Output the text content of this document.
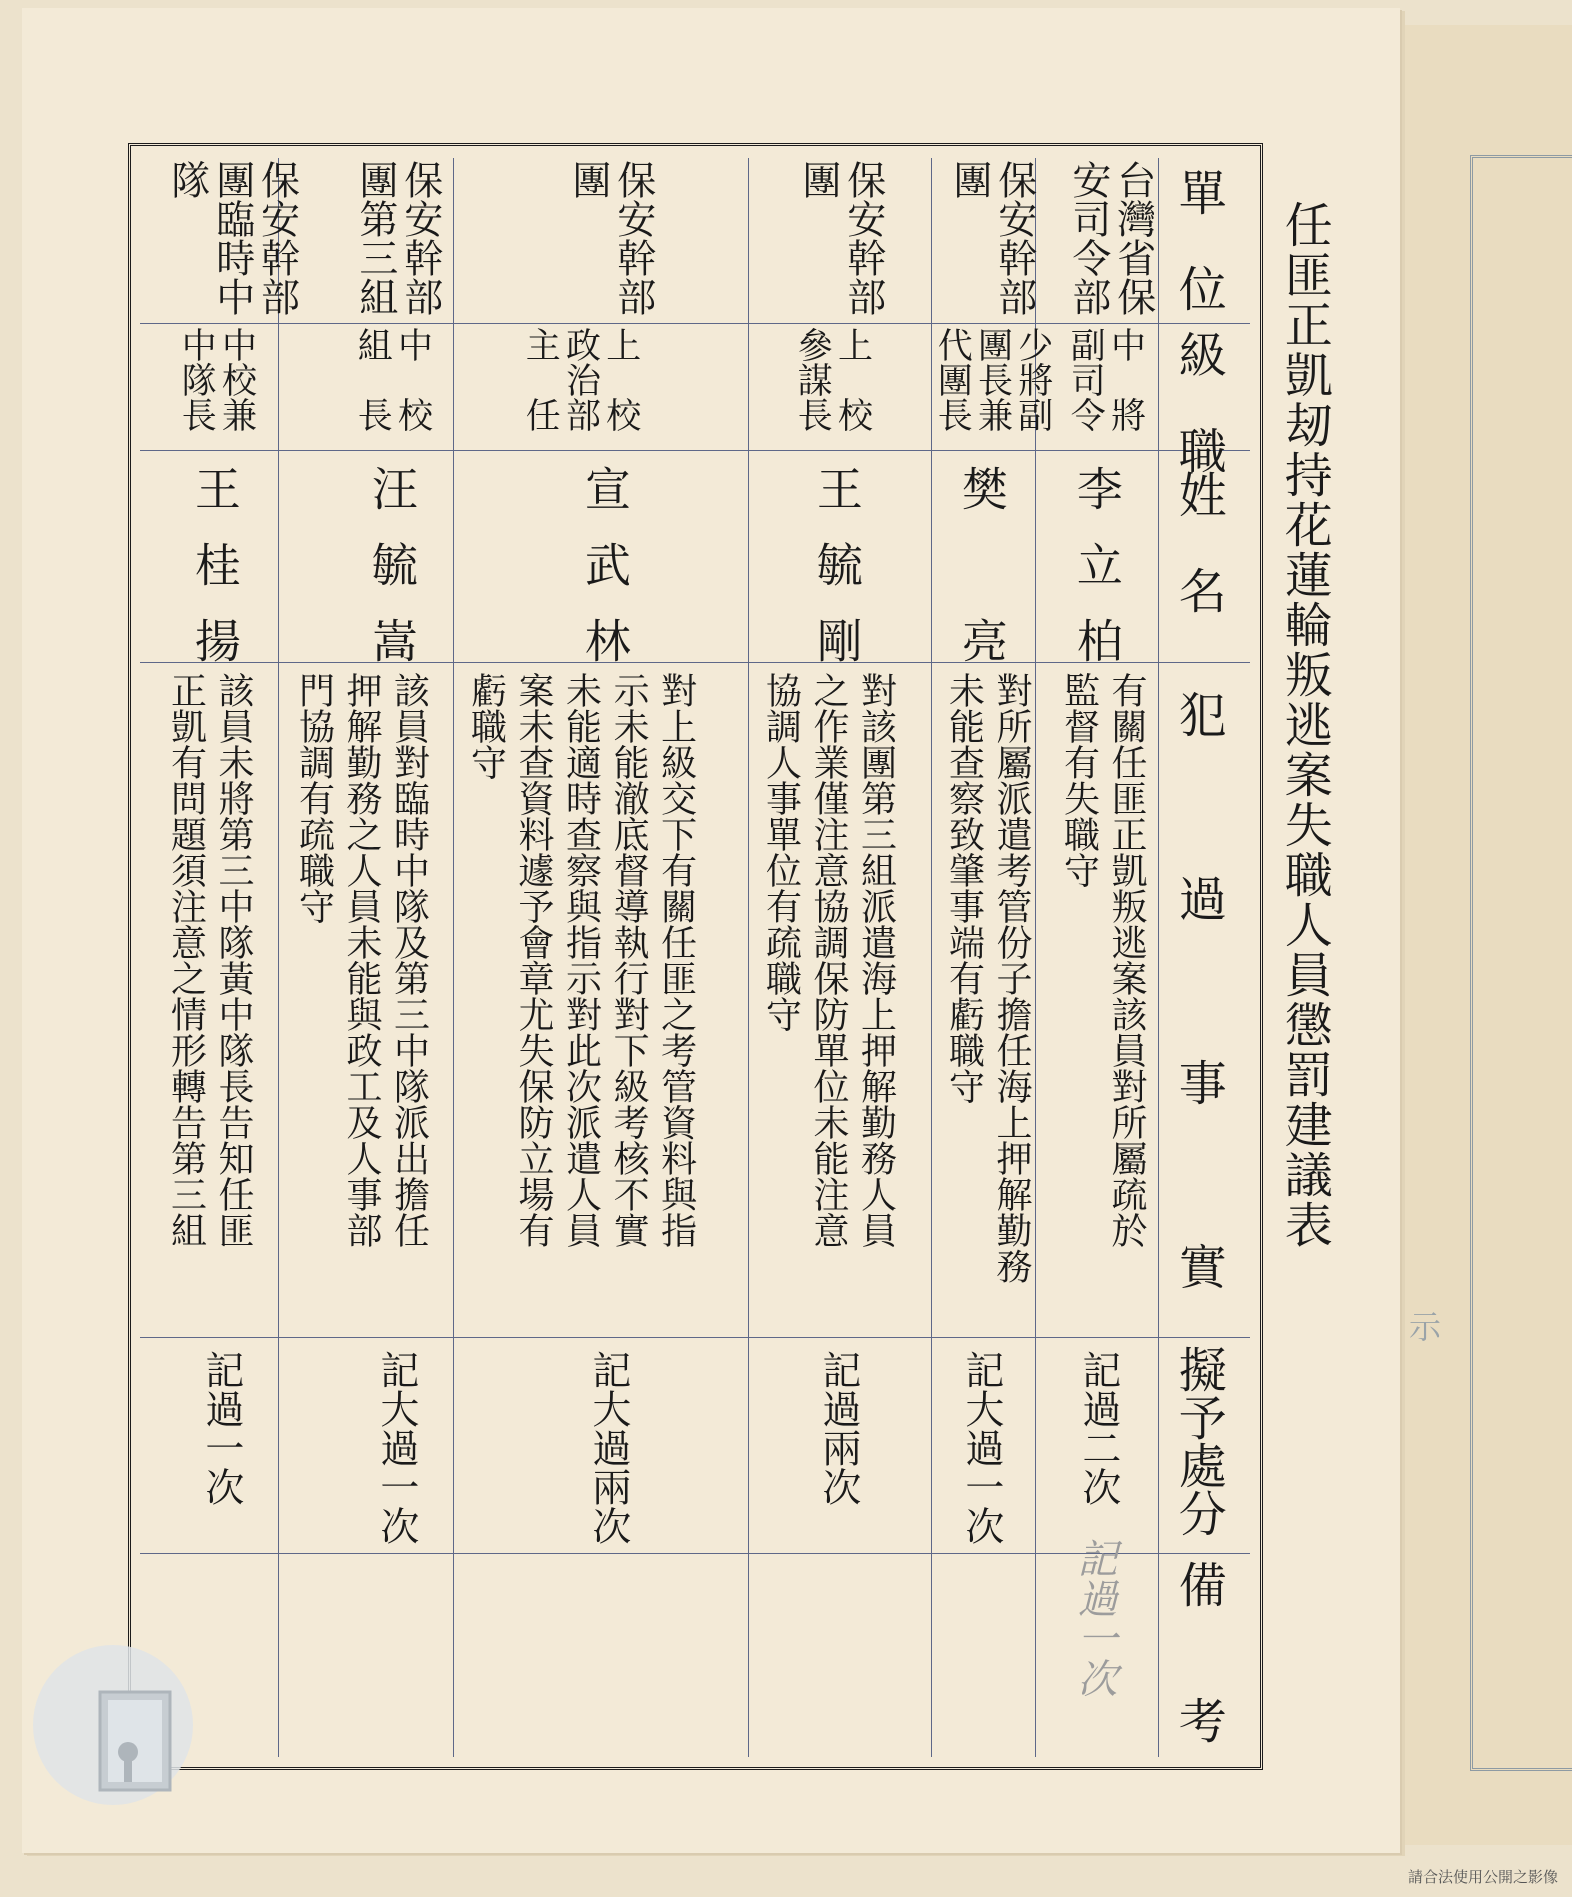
示
任匪正凱刼持花蓮輪叛逃案失職人員懲罰建議表
單　位
級　職
姓　名
犯　過　事　實
擬予處分
備　考
台灣省保
安司令部
中　將
副司令
李立柏
有關任匪正凱叛逃案該員對所屬疏於
監督有失職守
記過二次
保安幹部
團
少將副
團長兼
代團長
樊　亮
對所屬派遣考管份子擔任海上押解勤務
未能查察致肇事端有虧職守
記大過一次
保安幹部
團
上　校
參謀長
王毓剛
對該團第三組派遣海上押解勤務人員
之作業僅注意協調保防單位未能注意
協調人事單位有疏職守
記過兩次
保安幹部
團
上　校
政治部
主　任
宣武林
對上級交下有關任匪之考管資料與指
示未能澈底督導執行對下級考核不實
未能適時查察與指示對此次派遣人員
案未查資料遽予會章尤失保防立場有
虧職守
記大過兩次
保安幹部
團第三組
中　校
組　長
汪毓嵩
該員對臨時中隊及第三中隊派出擔任
押解勤務之人員未能與政工及人事部
門協調有疏職守
記大過一次
保安幹部
團臨時中
隊
中校兼
中隊長
王桂揚
該員未將第三中隊黃中隊長告知任匪
正凱有問題須注意之情形轉告第三組
記過一次
記過一次
請合法使用公開之影像
